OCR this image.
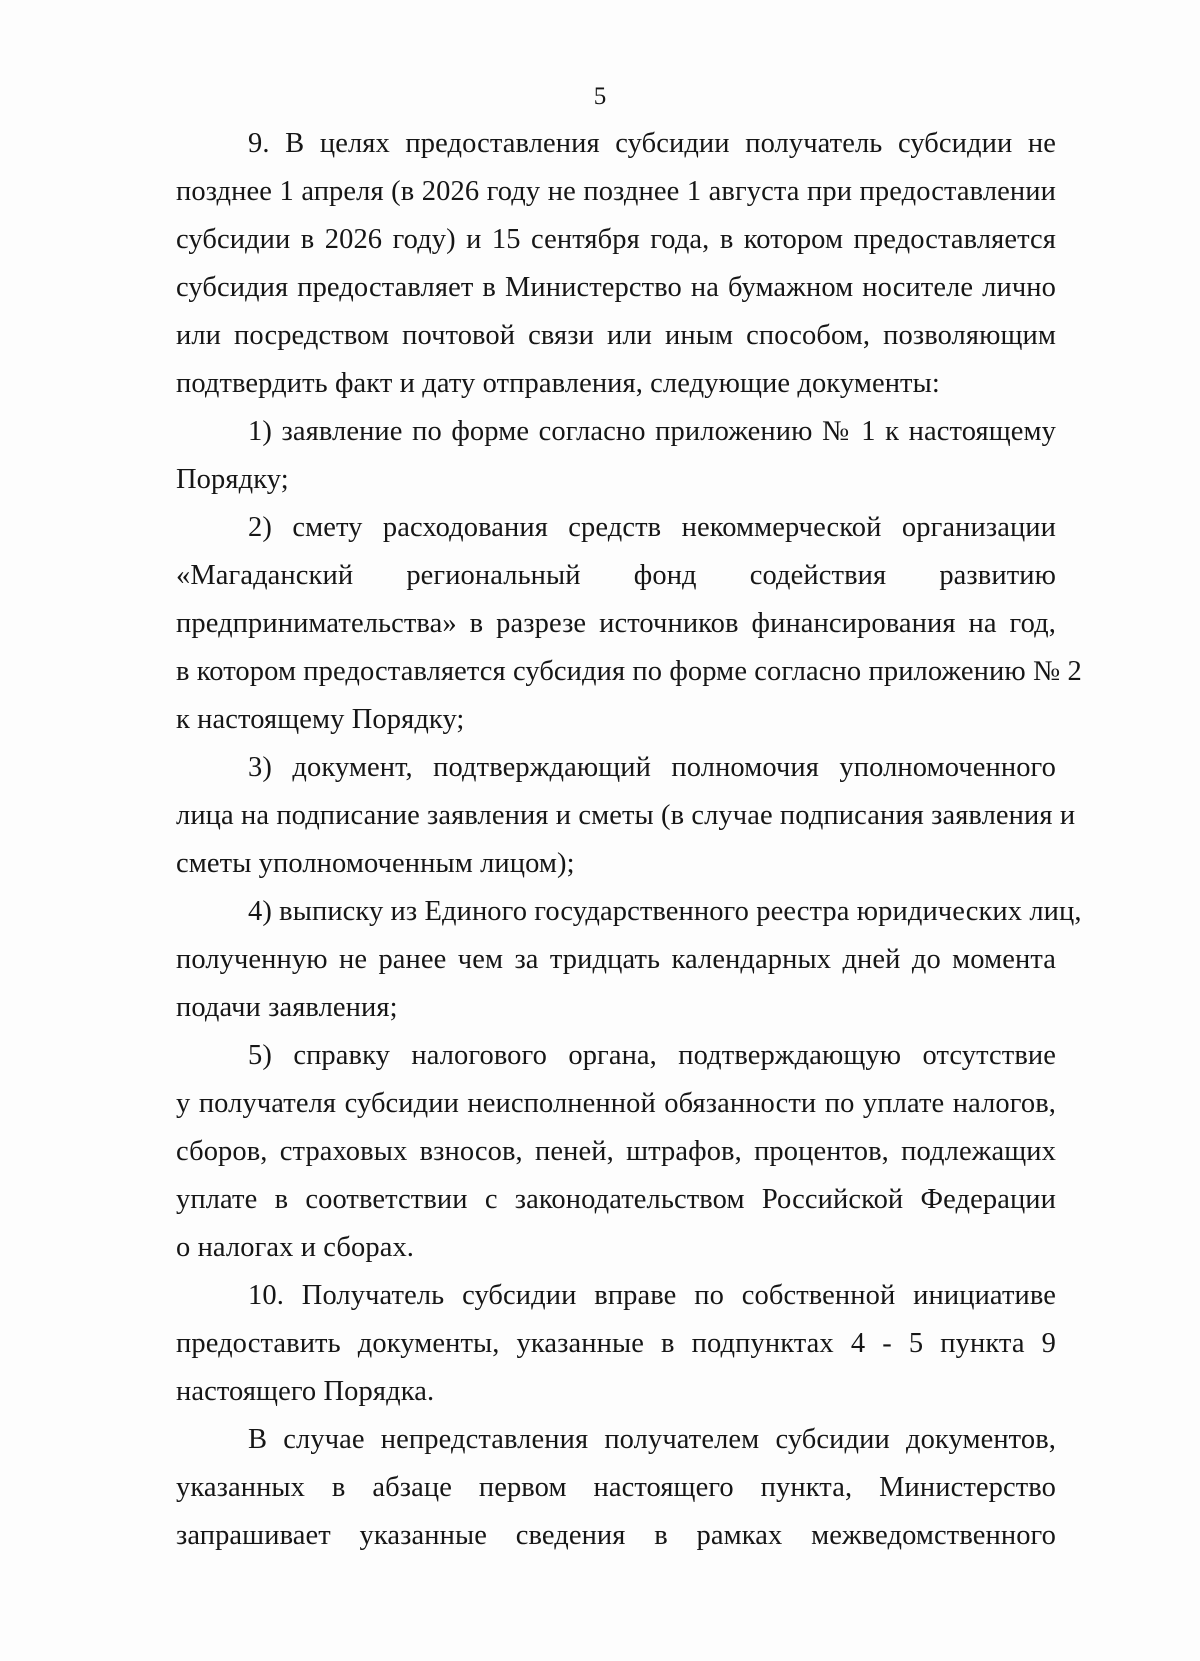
5
9. В целях предоставления субсидии получатель субсидии не
позднее 1 апреля (в 2026 году не позднее 1 августа при предоставлении
субсидии в 2026 году) и 15 сентября года, в котором предоставляется
субсидия предоставляет в Министерство на бумажном носителе лично
или посредством почтовой связи или иным способом, позволяющим
подтвердить факт и дату отправления, следующие документы:
1) заявление по форме согласно приложению № 1 к настоящему
Порядку;
2) смету расходования средств некоммерческой организации
«Магаданский региональный фонд содействия развитию
предпринимательства» в разрезе источников финансирования на год,
в котором предоставляется субсидия по форме согласно приложению № 2
к настоящему Порядку;
3) документ, подтверждающий полномочия уполномоченного
лица на подписание заявления и сметы (в случае подписания заявления и
сметы уполномоченным лицом);
4) выписку из Единого государственного реестра юридических лиц,
полученную не ранее чем за тридцать календарных дней до момента
подачи заявления;
5) справку налогового органа, подтверждающую отсутствие
у получателя субсидии неисполненной обязанности по уплате налогов,
сборов, страховых взносов, пеней, штрафов, процентов, подлежащих
уплате в соответствии с законодательством Российской Федерации
о налогах и сборах.
10. Получатель субсидии вправе по собственной инициативе
предоставить документы, указанные в подпунктах 4 - 5 пункта 9
настоящего Порядка.
В случае непредставления получателем субсидии документов,
указанных в абзаце первом настоящего пункта, Министерство
запрашивает указанные сведения в рамках межведомственного
